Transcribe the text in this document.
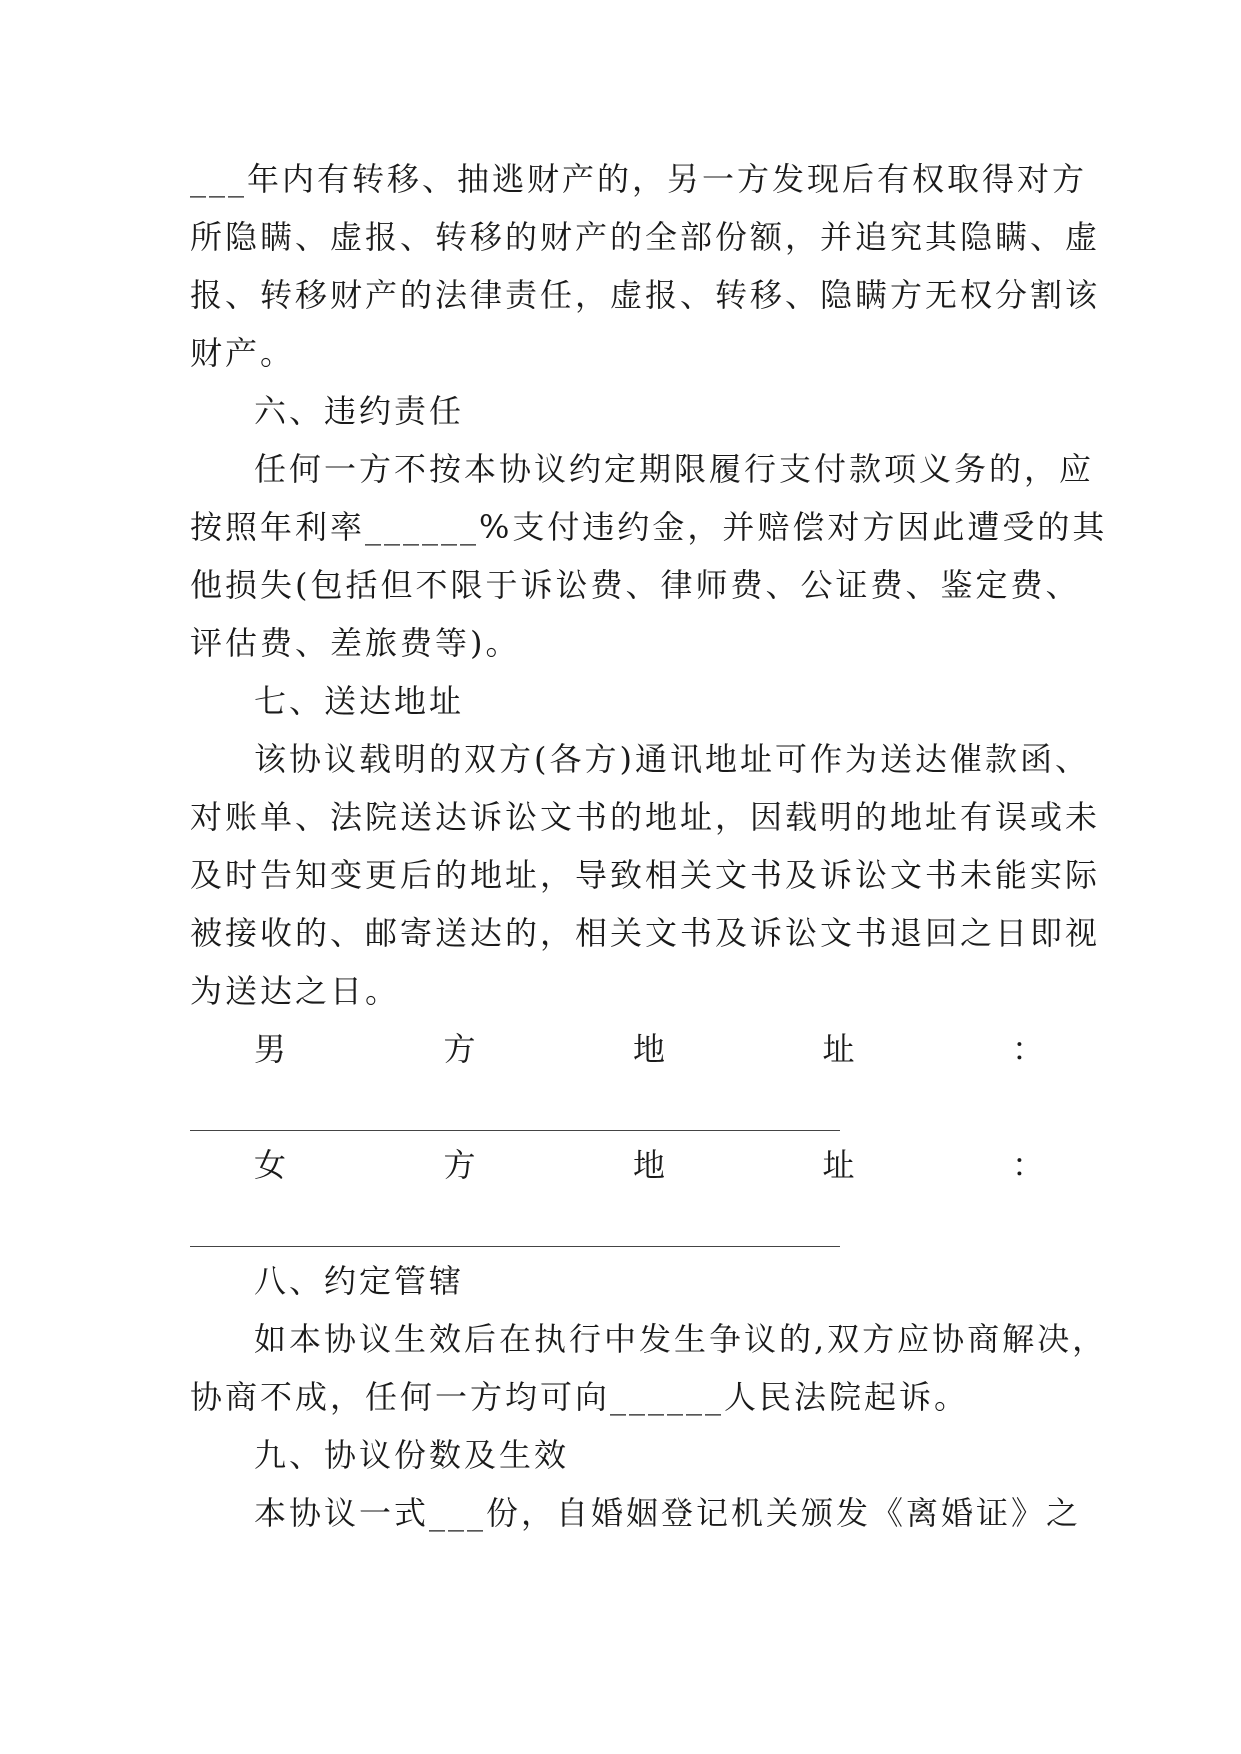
___年内有转移、抽逃财产的，另一方发现后有权取得对方
所隐瞒、虚报、转移的财产的全部份额，并追究其隐瞒、虚
报、转移财产的法律责任，虚报、转移、隐瞒方无权分割该
财产。
六、违约责任
任何一方不按本协议约定期限履行支付款项义务的，应
按照年利率______%支付违约金，并赔偿对方因此遭受的其
他损失(包括但不限于诉讼费、律师费、公证费、鉴定费、
评估费、差旅费等)。
七、送达地址
该协议载明的双方(各方)通讯地址可作为送达催款函、
对账单、法院送达诉讼文书的地址，因载明的地址有误或未
及时告知变更后的地址，导致相关文书及诉讼文书未能实际
被接收的、邮寄送达的，相关文书及诉讼文书退回之日即视
为送达之日。
男	方	地	址	：
女	方	地	址	：
八、约定管辖
如本协议生效后在执行中发生争议的,双方应协商解决，
协商不成，任何一方均可向______人民法院起诉。
九、协议份数及生效
本协议一式___份，自婚姻登记机关颁发《离婚证》之
